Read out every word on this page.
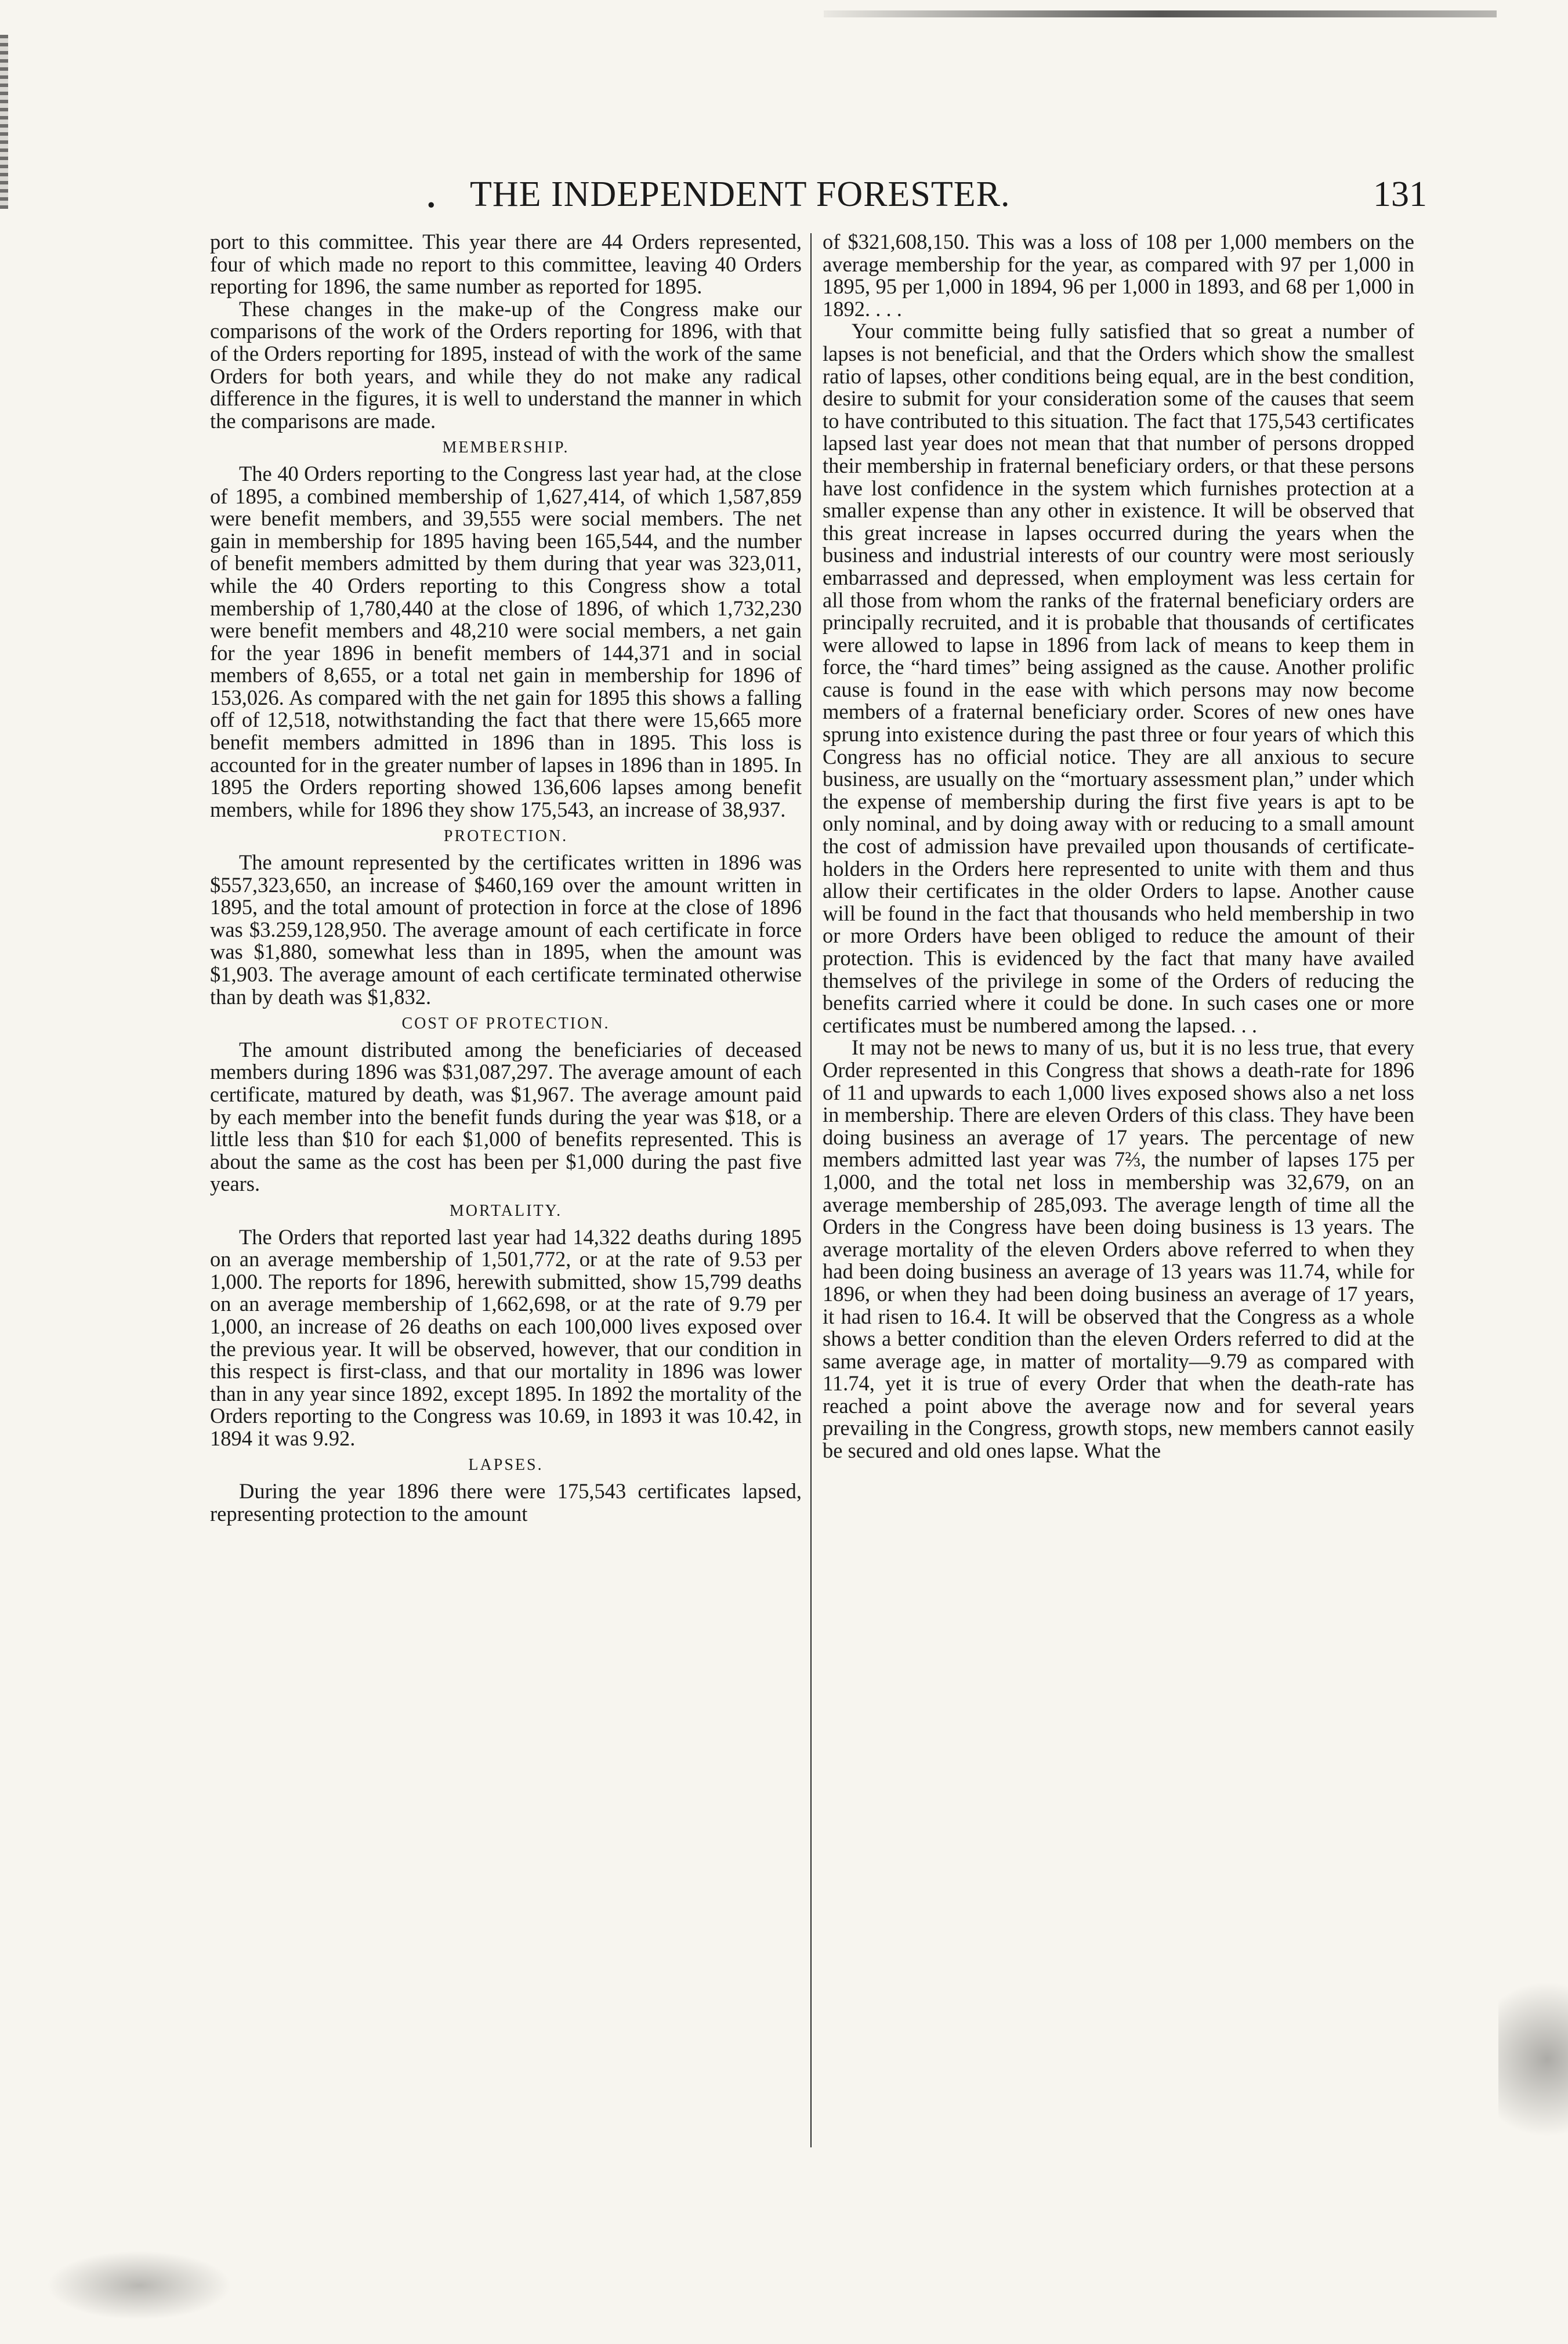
. THE INDEPENDENT FORESTER.	131

port to this committee. This year there are 44 Orders represented, four of which made no report to this committee, leaving 40 Orders reporting for 1896, the same number as reported for 1895.

These changes in the make-up of the Congress make our comparisons of the work of the Orders reporting for 1896, with that of the Orders reporting for 1895, instead of with the work of the same Orders for both years, and while they do not make any radical difference in the figures, it is well to understand the manner in which the comparisons are made.

MEMBERSHIP.

The 40 Orders reporting to the Congress last year had, at the close of 1895, a combined membership of 1,627,414, of which 1,587,859 were benefit members, and 39,555 were social members. The net gain in membership for 1895 having been 165,544, and the number of benefit members admitted by them during that year was 323,011, while the 40 Orders reporting to this Congress show a total membership of 1,780,440 at the close of 1896, of which 1,732,230 were benefit members and 48,210 were social members, a net gain for the year 1896 in benefit members of 144,371 and in social members of 8,655, or a total net gain in membership for 1896 of 153,026. As compared with the net gain for 1895 this shows a falling off of 12,518, notwithstanding the fact that there were 15,665 more benefit members admitted in 1896 than in 1895. This loss is accounted for in the greater number of lapses in 1896 than in 1895. In 1895 the Orders reporting showed 136,606 lapses among benefit members, while for 1896 they show 175,543, an increase of 38,937.

PROTECTION.

The amount represented by the certificates written in 1896 was $557,323,650, an increase of $460,169 over the amount written in 1895, and the total amount of protection in force at the close of 1896 was $3.259,128,950. The average amount of each certificate in force was $1,880, somewhat less than in 1895, when the amount was $1,903. The average amount of each certificate terminated otherwise than by death was $1,832.

COST OF PROTECTION.

The amount distributed among the beneficiaries of deceased members during 1896 was $31,087,297. The average amount of each certificate, matured by death, was $1,967. The average amount paid by each member into the benefit funds during the year was $18, or a little less than $10 for each $1,000 of benefits represented. This is about the same as the cost has been per $1,000 during the past five years.

MORTALITY.

The Orders that reported last year had 14,322 deaths during 1895 on an average membership of 1,501,772, or at the rate of 9.53 per 1,000. The reports for 1896, herewith submitted, show 15,799 deaths on an average membership of 1,662,698, or at the rate of 9.79 per 1,000, an increase of 26 deaths on each 100,000 lives exposed over the previous year. It will be observed, however, that our condition in this respect is first-class, and that our mortality in 1896 was lower than in any year since 1892, except 1895. In 1892 the mortality of the Orders reporting to the Congress was 10.69, in 1893 it was 10.42, in 1894 it was 9.92.

LAPSES.

During the year 1896 there were 175,543 certificates lapsed, representing protection to the amount

of $321,608,150. This was a loss of 108 per 1,000 members on the average membership for the year, as compared with 97 per 1,000 in 1895, 95 per 1,000 in 1894, 96 per 1,000 in 1893, and 68 per 1,000 in 1892. . . .

Your committe being fully satisfied that so great a number of lapses is not beneficial, and that the Orders which show the smallest ratio of lapses, other conditions being equal, are in the best condition, desire to submit for your consideration some of the causes that seem to have contributed to this situation. The fact that 175,543 certificates lapsed last year does not mean that that number of persons dropped their membership in fraternal beneficiary orders, or that these persons have lost confidence in the system which furnishes protection at a smaller expense than any other in existence. It will be observed that this great increase in lapses occurred during the years when the business and industrial interests of our country were most seriously embarrassed and depressed, when employment was less certain for all those from whom the ranks of the fraternal beneficiary orders are principally recruited, and it is probable that thousands of certificates were allowed to lapse in 1896 from lack of means to keep them in force, the “hard times” being assigned as the cause. Another prolific cause is found in the ease with which persons may now become members of a fraternal beneficiary order. Scores of new ones have sprung into existence during the past three or four years of which this Congress has no official notice. They are all anxious to secure business, are usually on the “mortuary assessment plan,” under which the expense of membership during the first five years is apt to be only nominal, and by doing away with or reducing to a small amount the cost of admission have prevailed upon thousands of certificate-holders in the Orders here represented to unite with them and thus allow their certificates in the older Orders to lapse. Another cause will be found in the fact that thousands who held membership in two or more Orders have been obliged to reduce the amount of their protection. This is evidenced by the fact that many have availed themselves of the privilege in some of the Orders of reducing the benefits carried where it could be done. In such cases one or more certificates must be numbered among the lapsed. . .

It may not be news to many of us, but it is no less true, that every Order represented in this Congress that shows a death-rate for 1896 of 11 and upwards to each 1,000 lives exposed shows also a net loss in membership. There are eleven Orders of this class. They have been doing business an average of 17 years. The percentage of new members admitted last year was 7⅔, the number of lapses 175 per 1,000, and the total net loss in membership was 32,679, on an average membership of 285,093. The average length of time all the Orders in the Congress have been doing business is 13 years. The average mortality of the eleven Orders above referred to when they had been doing business an average of 13 years was 11.74, while for 1896, or when they had been doing business an average of 17 years, it had risen to 16.4. It will be observed that the Congress as a whole shows a better condition than the eleven Orders referred to did at the same average age, in matter of mortality—9.79 as compared with 11.74, yet it is true of every Order that when the death-rate has reached a point above the average now and for several years prevailing in the Congress, growth stops, new members cannot easily be secured and old ones lapse. What the
